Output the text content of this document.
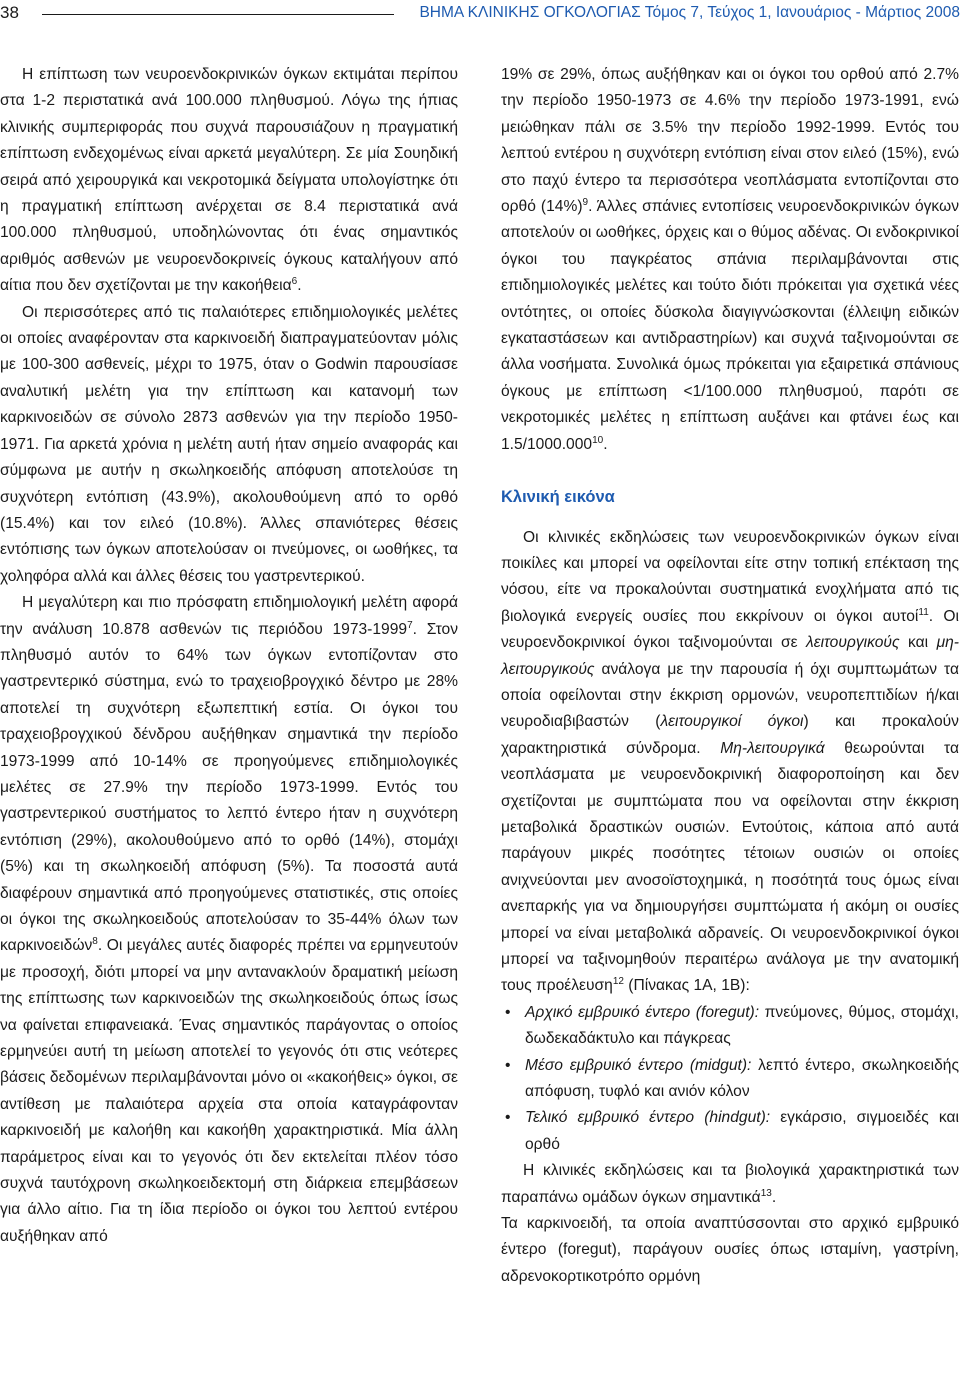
38	ΒΗΜΑ ΚΛΙΝΙΚΗΣ ΟΓΚΟΛΟΓΙΑΣ Τόμος 7, Τεύχος 1, Ιανουάριος - Μάρτιος 2008

Η επίπτωση των νευροενδοκρινικών όγκων εκτιμάται περίπου στα 1-2 περιστατικά ανά 100.000 πληθυσμού. Λόγω της ήπιας κλινικής συμπεριφοράς που συχνά παρουσιάζουν η πραγματική επίπτωση ενδεχομένως είναι αρκετά μεγαλύτερη. Σε μία Σουηδική σειρά από χειρουργικά και νεκροτομικά δείγματα υπολογίστηκε ότι η πραγματική επίπτωση ανέρχεται σε 8.4 περιστατικά ανά 100.000 πληθυσμού, υποδηλώνοντας ότι ένας σημαντικός αριθμός ασθενών με νευροενδοκρινείς όγκους καταλήγουν από αίτια που δεν σχετίζονται με την κακοήθεια$^6$.

Οι περισσότερες από τις παλαιότερες επιδημιολογικές μελέτες οι οποίες αναφέρονταν στα καρκινοειδή διαπραγματεύονταν μόλις με 100-300 ασθενείς, μέχρι το 1975, όταν ο Godwin παρουσίασε αναλυτική μελέτη για την επίπτωση και κατανομή των καρκινοειδών σε σύνολο 2873 ασθενών για την περίοδο 1950-1971. Για αρκετά χρόνια η μελέτη αυτή ήταν σημείο αναφοράς και σύμφωνα με αυτήν η σκωληκοειδής απόφυση αποτελούσε τη συχνότερη εντόπιση (43.9%), ακολουθούμενη από το ορθό (15.4%) και τον ειλεό (10.8%). Άλλες σπανιότερες θέσεις εντόπισης των όγκων αποτελούσαν οι πνεύμονες, οι ωοθήκες, τα χοληφόρα αλλά και άλλες θέσεις του γαστρεντερικού.

Η μεγαλύτερη και πιο πρόσφατη επιδημιολογική μελέτη αφορά την ανάλυση 10.878 ασθενών τις περιόδου 1973-1999$^7$. Στον πληθυσμό αυτόν το 64% των όγκων εντοπίζονταν στο γαστρεντερικό σύστημα, ενώ το τραχειοβρογχικό δέντρο με 28% αποτελεί τη συχνότερη εξωπεπτική εστία. Οι όγκοι του τραχειοβρογχικού δένδρου αυξήθηκαν σημαντικά την περίοδο 1973-1999 από 10-14% σε προηγούμενες επιδημιολογικές μελέτες σε 27.9% την περίοδο 1973-1999. Εντός του γαστρεντερικού συστήματος το λεπτό έντερο ήταν η συχνότερη εντόπιση (29%), ακολουθούμενο από το ορθό (14%), στομάχι (5%) και τη σκωληκοειδή απόφυση (5%). Τα ποσοστά αυτά διαφέρουν σημαντικά από προηγούμενες στατιστικές, στις οποίες οι όγκοι της σκωληκοειδούς αποτελούσαν το 35-44% όλων των καρκινοειδών$^8$. Οι μεγάλες αυτές διαφορές πρέπει να ερμηνευτούν με προσοχή, διότι μπορεί να μην αντανακλούν δραματική μείωση της επίπτωσης των καρκινοειδών της σκωληκοειδούς όπως ίσως να φαίνεται επιφανειακά. Ένας σημαντικός παράγοντας ο οποίος ερμηνεύει αυτή τη μείωση αποτελεί το γεγονός ότι στις νεότερες βάσεις δεδομένων περιλαμβάνονται μόνο οι «κακοήθεις» όγκοι, σε αντίθεση με παλαιότερα αρχεία στα οποία καταγράφονταν καρκινοειδή με καλοήθη και κακοήθη χαρακτηριστικά. Μία άλλη παράμετρος είναι και το γεγονός ότι δεν εκτελείται πλέον τόσο συχνά ταυτόχρονη σκωληκοειδεκτομή στη διάρκεια επεμβάσεων για άλλο αίτιο. Για τη ίδια περίοδο οι όγκοι του λεπτού εντέρου αυξήθηκαν από

19% σε 29%, όπως αυξήθηκαν και οι όγκοι του ορθού από 2.7% την περίοδο 1950-1973 σε 4.6% την περίοδο 1973-1991, ενώ μειώθηκαν πάλι σε 3.5% την περίοδο 1992-1999. Εντός του λεπτού εντέρου η συχνότερη εντόπιση είναι στον ειλεό (15%), ενώ στο παχύ έντερο τα περισσότερα νεοπλάσματα εντοπίζονται στο ορθό $(14\%)^9$. Άλλες σπάνιες εντοπίσεις νευροενδοκρινικών όγκων αποτελούν οι ωοθήκες, όρχεις και ο θύμος αδένας. Οι ενδοκρινικοί όγκοι του παγκρέατος σπάνια περιλαμβάνονται στις επιδημιολογικές μελέτες και τούτο διότι πρόκειται για σχετικά νέες οντότητες, οι οποίες δύσκολα διαγιγνώσκονται (έλλειψη ειδικών εγκαταστάσεων και αντιδραστηρίων) και συχνά ταξινομούνται σε άλλα νοσήματα. Συνολικά όμως πρόκειται για εξαιρετικά σπάνιους όγκους με επίπτωση <1/100.000 πληθυσμού, παρότι σε νεκροτομικές μελέτες η επίπτωση αυξάνει και φτάνει έως και 1.5/1000.000$^{10}$.

Κλινική εικόνα

Οι κλινικές εκδηλώσεις των νευροενδοκρινικών όγκων είναι ποικίλες και μπορεί να οφείλονται είτε στην τοπική επέκταση της νόσου, είτε να προκαλούνται συστηματικά ενοχλήματα από τις βιολογικά ενεργείς ουσίες που εκκρίνουν οι όγκοι αυτοί$^{11}$. Οι νευροενδοκρινικοί όγκοι ταξινομούνται σε λειτουργικούς και μη-λειτουργικούς ανάλογα με την παρουσία ή όχι συμπτωμάτων τα οποία οφείλονται στην έκκριση ορμονών, νευροπεπτιδίων ή/και νευροδιαβιβαστών (λειτουργικοί όγκοι) και προκαλούν χαρακτηριστικά σύνδρομα. Μη-λειτουργικά θεωρούνται τα νεοπλάσματα με νευροενδοκρινική διαφοροποίηση και δεν σχετίζονται με συμπτώματα που να οφείλονται στην έκκριση μεταβολικά δραστικών ουσιών. Εντούτοις, κάποια από αυτά παράγουν μικρές ποσότητες τέτοιων ουσιών οι οποίες ανιχνεύονται μεν ανοσοϊστοχημικά, η ποσότητά τους όμως είναι ανεπαρκής για να δημιουργήσει συμπτώματα ή ακόμη οι ουσίες μπορεί να είναι μεταβολικά αδρανείς. Οι νευροενδοκρινικοί όγκοι μπορεί να ταξινομηθούν περαιτέρω ανάλογα με την ανατομική τους προέλευση$^{12}$ (Πίνακας 1Α, 1Β):

• Αρχικό εμβρυικό έντερο (foregut): πνεύμονες, θύμος, στομάχι, δωδεκαδάκτυλο και πάγκρεας
• Μέσο εμβρυικό έντερο (midgut): λεπτό έντερο, σκωληκοειδής απόφυση, τυφλό και ανιόν κόλον
• Τελικό εμβρυικό έντερο (hindgut): εγκάρσιο, σιγμοειδές και ορθό

Η κλινικές εκδηλώσεις και τα βιολογικά χαρακτηριστικά των παραπάνω ομάδων όγκων σημαντικά$^{13}$.

Τα καρκινοειδή, τα οποία αναπτύσσονται στο αρχικό εμβρυικό έντερο (foregut), παράγουν ουσίες όπως ισταμίνη, γαστρίνη, αδρενοκορτικοτρόπο ορμόνη
